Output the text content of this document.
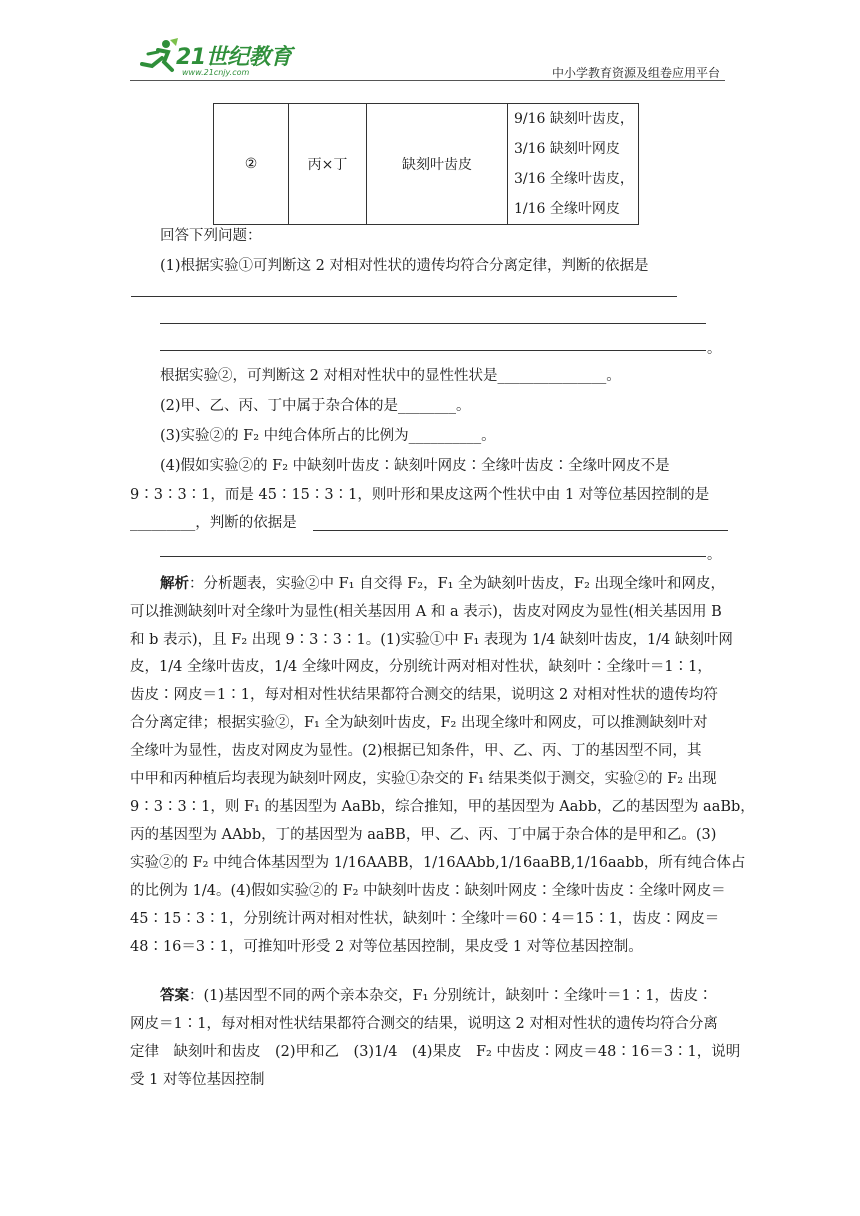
21世纪教育
www.21cnjy.com	中小学教育资源及组卷应用平台
②	丙×丁	缺刻叶齿皮	
9/16 缺刻叶齿皮，
3/16 缺刻叶网皮
3/16 全缘叶齿皮，
1/16 全缘叶网皮
回答下列问题：
(1)根据实验①可判断这 2 对相对性状的遗传均符合分离定律，判断的依据是
。
根据实验②，可判断这 2 对相对性状中的显性性状是_______________。
(2)甲、乙、丙、丁中属于杂合体的是________。
(3)实验②的 F₂ 中纯合体所占的比例为__________。
(4)假如实验②的 F₂ 中缺刻叶齿皮∶缺刻叶网皮∶全缘叶齿皮∶全缘叶网皮不是
9∶3∶3∶1，而是 45∶15∶3∶1，则叶形和果皮这两个性状中由 1 对等位基因控制的是
_________，判断的依据是
。
解析：分析题表，实验②中 F₁ 自交得 F₂，F₁ 全为缺刻叶齿皮，F₂ 出现全缘叶和网皮，
可以推测缺刻叶对全缘叶为显性(相关基因用 A 和 a 表示)，齿皮对网皮为显性(相关基因用 B
和 b 表示)，且 F₂ 出现 9∶3∶3∶1。(1)实验①中 F₁ 表现为 1/4 缺刻叶齿皮，1/4 缺刻叶网
皮，1/4 全缘叶齿皮，1/4 全缘叶网皮，分别统计两对相对性状，缺刻叶∶全缘叶＝1∶1，
齿皮∶网皮＝1∶1，每对相对性状结果都符合测交的结果，说明这 2 对相对性状的遗传均符
合分离定律；根据实验②，F₁ 全为缺刻叶齿皮，F₂ 出现全缘叶和网皮，可以推测缺刻叶对
全缘叶为显性，齿皮对网皮为显性。(2)根据已知条件，甲、乙、丙、丁的基因型不同，其
中甲和丙种植后均表现为缺刻叶网皮，实验①杂交的 F₁ 结果类似于测交，实验②的 F₂ 出现
9∶3∶3∶1，则 F₁ 的基因型为 AaBb，综合推知，甲的基因型为 Aabb，乙的基因型为 aaBb，
丙的基因型为 AAbb，丁的基因型为 aaBB，甲、乙、丙、丁中属于杂合体的是甲和乙。(3)
实验②的 F₂ 中纯合体基因型为 1/16AABB，1/16AAbb,1/16aaBB,1/16aabb，所有纯合体占
的比例为 1/4。(4)假如实验②的 F₂ 中缺刻叶齿皮∶缺刻叶网皮∶全缘叶齿皮∶全缘叶网皮＝
45∶15∶3∶1，分别统计两对相对性状，缺刻叶∶全缘叶＝60∶4＝15∶1，齿皮∶网皮＝
48∶16＝3∶1，可推知叶形受 2 对等位基因控制，果皮受 1 对等位基因控制。
答案：(1)基因型不同的两个亲本杂交，F₁ 分别统计，缺刻叶∶全缘叶＝1∶1，齿皮∶
网皮＝1∶1，每对相对性状结果都符合测交的结果，说明这 2 对相对性状的遗传均符合分离
定律　缺刻叶和齿皮　(2)甲和乙　(3)1/4　(4)果皮　F₂ 中齿皮∶网皮＝48∶16＝3∶1，说明
受 1 对等位基因控制
